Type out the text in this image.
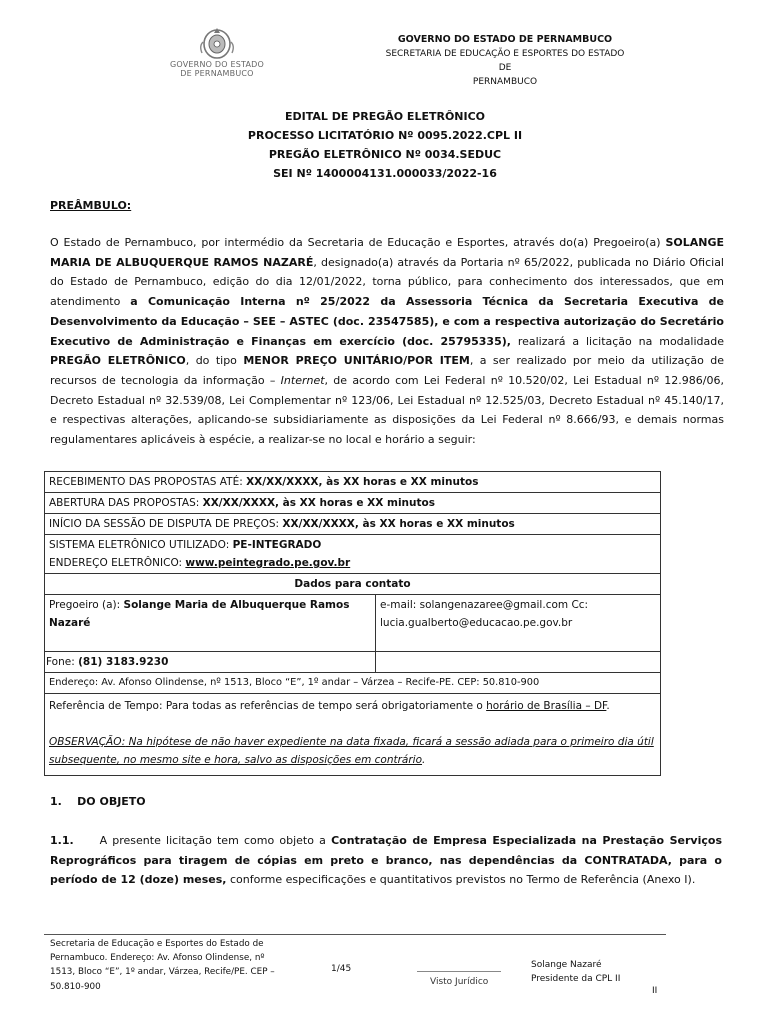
GOVERNO DO ESTADO
DE PERNAMBUCO
GOVERNO DO ESTADO DE PERNAMBUCO
SECRETARIA DE EDUCAÇÃO E ESPORTES DO ESTADO DE
PERNAMBUCO
EDITAL DE PREGÃO ELETRÔNICO
PROCESSO LICITATÓRIO Nº 0095.2022.CPL II
PREGÃO ELETRÔNICO Nº 0034.SEDUC
SEI Nº 1400004131.000033/2022-16
PREÂMBULO:
O Estado de Pernambuco, por intermédio da Secretaria de Educação e Esportes, através do(a) Pregoeiro(a) SOLANGE MARIA DE ALBUQUERQUE RAMOS NAZARÉ, designado(a) através da Portaria nº 65/2022, publicada no Diário Oficial do Estado de Pernambuco, edição do dia 12/01/2022, torna público, para conhecimento dos interessados, que em atendimento a Comunicação Interna nº 25/2022 da Assessoria Técnica da Secretaria Executiva de Desenvolvimento da Educação – SEE – ASTEC (doc. 23547585), e com a respectiva autorização do Secretário Executivo de Administração e Finanças em exercício (doc. 25795335), realizará a licitação na modalidade PREGÃO ELETRÔNICO, do tipo MENOR PREÇO UNITÁRIO/POR ITEM, a ser realizado por meio da utilização de recursos de tecnologia da informação – Internet, de acordo com Lei Federal nº 10.520/02, Lei Estadual nº 12.986/06, Decreto Estadual nº 32.539/08, Lei Complementar nº 123/06, Lei Estadual nº 12.525/03, Decreto Estadual nº 45.140/17, e respectivas alterações, aplicando-se subsidiariamente as disposições da Lei Federal nº 8.666/93, e demais normas regulamentares aplicáveis à espécie, a realizar-se no local e horário a seguir:
RECEBIMENTO DAS PROPOSTAS ATÉ: XX/XX/XXXX, às XX horas e XX minutos	
ABERTURA DAS PROPOSTAS: XX/XX/XXXX, às XX horas e XX minutos	
INÍCIO DA SESSÃO DE DISPUTA DE PREÇOS: XX/XX/XXXX, às XX horas e XX minutos	

SISTEMA ELETRÔNICO UTILIZADO: PE-INTEGRADO
ENDEREÇO ELETRÔNICO: www.peintegrado.pe.gov.br	

Dados para contato	
Pregoeiro (a): Solange Maria de Albuquerque Ramos Nazaré	e-mail: solangenazaree@gmail.com Cc: lucia.gualberto@educacao.pe.gov.br
Fone: (81) 3183.9230	
Endereço: Av. Afonso Olindense, nº 1513, Bloco “E”, 1º andar – Várzea – Recife-PE. CEP: 50.810-900	

Referência de Tempo: Para todas as referências de tempo será obrigatoriamente o horário de Brasília – DF.
OBSERVAÇÃO: Na hipótese de não haver expediente na data fixada, ficará a sessão adiada para o primeiro dia útil subsequente, no mesmo site e hora, salvo as disposições em contrário.	
1.    DO OBJETO
1.1.     A presente licitação tem como objeto a Contratação de Empresa Especializada na Prestação Serviços Reprográficos para tiragem de cópias em preto e branco, nas dependências da CONTRATADA, para o período de 12 (doze) meses, conforme especificações e quantitativos previstos no Termo de Referência (Anexo I).
Secretaria de Educação e Esportes do Estado de Pernambuco. Endereço: Av. Afonso Olindense, nº 1513, Bloco “E”, 1º andar, Várzea, Recife/PE. CEP – 50.810-900
1/45
Visto Jurídico
Solange Nazaré
Presidente da CPL II
II
